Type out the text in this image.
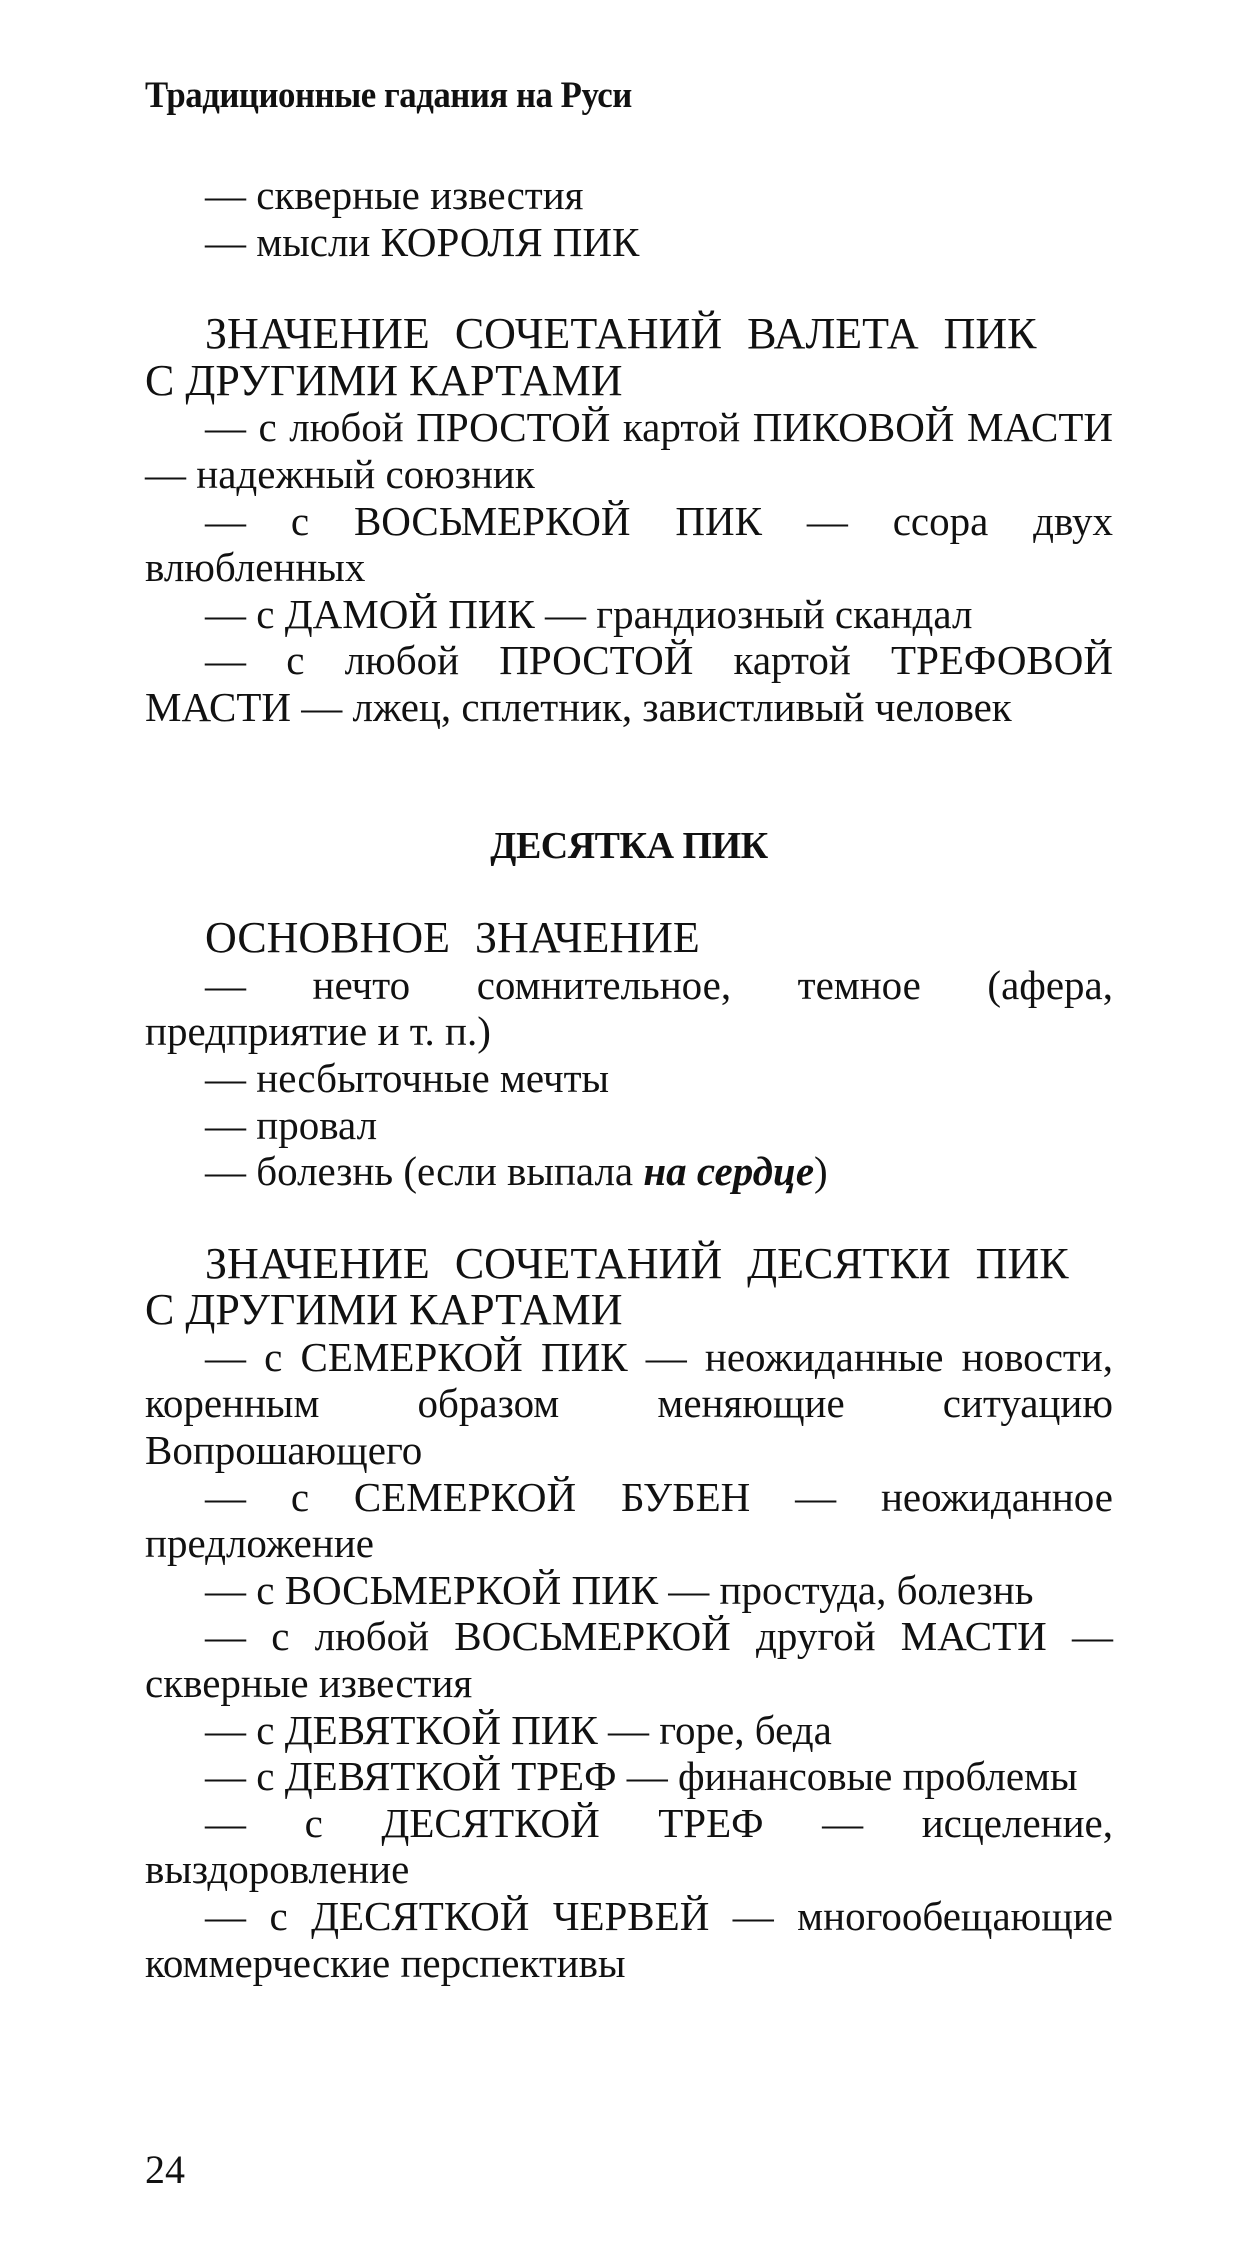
Традиционные гадания на Руси

— скверные известия

— мысли КОРОЛЯ ПИК

ЗНАЧЕНИЕ СОЧЕТАНИЙ ВАЛЕТА ПИК

С ДРУГИМИ КАРТАМИ

— с любой ПРОСТОЙ картой ПИКОВОЙ МАСТИ — надежный союзник

— с ВОСЬМЕРКОЙ ПИК — ссора двух влюбленных

— с ДАМОЙ ПИК — грандиозный скандал

— с любой ПРОСТОЙ картой ТРЕФОВОЙ МАСТИ — лжец, сплетник, завистливый человек

ДЕСЯТКА ПИК

ОСНОВНОЕ ЗНАЧЕНИЕ

— нечто сомнительное, темное (афера, предприятие и т. п.)

— несбыточные мечты

— провал

— болезнь (если выпала на сердце)

ЗНАЧЕНИЕ СОЧЕТАНИЙ ДЕСЯТКИ ПИК

С ДРУГИМИ КАРТАМИ

— с СЕМЕРКОЙ ПИК — неожиданные новости, коренным образом меняющие ситуацию Вопрошающего

— с СЕМЕРКОЙ БУБЕН — неожиданное предложение

— с ВОСЬМЕРКОЙ ПИК — простуда, болезнь

— с любой ВОСЬМЕРКОЙ другой МАСТИ — скверные известия

— с ДЕВЯТКОЙ ПИК — горе, беда

— с ДЕВЯТКОЙ ТРЕФ — финансовые проблемы

— с ДЕСЯТКОЙ ТРЕФ — исцеление, выздоровление

— с ДЕСЯТКОЙ ЧЕРВЕЙ — многообещающие коммерческие перспективы

24
